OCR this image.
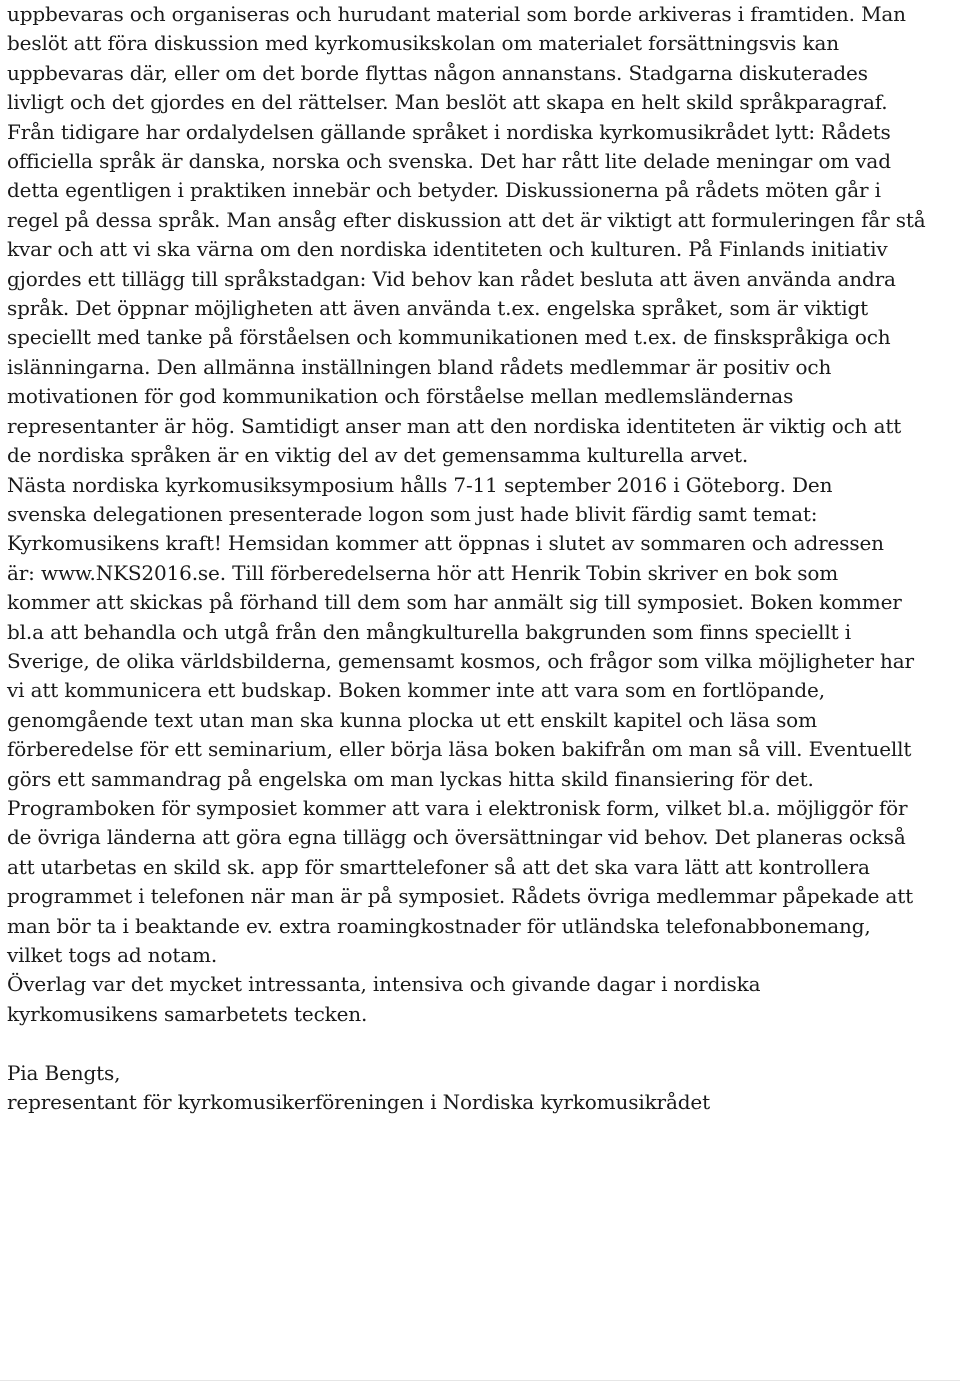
uppbevaras och organiseras och hurudant material som borde arkiveras i framtiden. Man
beslöt att föra diskussion med kyrkomusikskolan om materialet forsättningsvis kan
uppbevaras där, eller om det borde flyttas någon annanstans. Stadgarna diskuterades
livligt och det gjordes en del rättelser. Man beslöt att skapa en helt skild språkparagraf.
Från tidigare har ordalydelsen gällande språket i nordiska kyrkomusikrådet lytt: Rådets
officiella språk är danska, norska och svenska. Det har rått lite delade meningar om vad
detta egentligen i praktiken innebär och betyder. Diskussionerna på rådets möten går i
regel på dessa språk. Man ansåg efter diskussion att det är viktigt att formuleringen får stå
kvar och att vi ska värna om den nordiska identiteten och kulturen. På Finlands initiativ
gjordes ett tillägg till språkstadgan: Vid behov kan rådet besluta att även använda andra
språk. Det öppnar möjligheten att även använda t.ex. engelska språket, som är viktigt
speciellt med tanke på förståelsen och kommunikationen med t.ex. de finskspråkiga och
islänningarna. Den allmänna inställningen bland rådets medlemmar är positiv och
motivationen för god kommunikation och förståelse mellan medlemsländernas
representanter är hög. Samtidigt anser man att den nordiska identiteten är viktig och att
de nordiska språken är en viktig del av det gemensamma kulturella arvet.
Nästa nordiska kyrkomusiksymposium hålls 7-11 september 2016 i Göteborg. Den
svenska delegationen presenterade logon som just hade blivit färdig samt temat:
Kyrkomusikens kraft! Hemsidan kommer att öppnas i slutet av sommaren och adressen
är: www.NKS2016.se. Till förberedelserna hör att Henrik Tobin skriver en bok som
kommer att skickas på förhand till dem som har anmält sig till symposiet. Boken kommer
bl.a att behandla och utgå från den mångkulturella bakgrunden som finns speciellt i
Sverige, de olika världsbilderna, gemensamt kosmos, och frågor som vilka möjligheter har
vi att kommunicera ett budskap. Boken kommer inte att vara som en fortlöpande,
genomgående text utan man ska kunna plocka ut ett enskilt kapitel och läsa som
förberedelse för ett seminarium, eller börja läsa boken bakifrån om man så vill. Eventuellt
görs ett sammandrag på engelska om man lyckas hitta skild finansiering för det.
Programboken för symposiet kommer att vara i elektronisk form, vilket bl.a. möjliggör för
de övriga länderna att göra egna tillägg och översättningar vid behov. Det planeras också
att utarbetas en skild sk. app för smarttelefoner så att det ska vara lätt att kontrollera
programmet i telefonen när man är på symposiet. Rådets övriga medlemmar påpekade att
man bör ta i beaktande ev. extra roamingkostnader för utländska telefonabbonemang,
vilket togs ad notam.
Överlag var det mycket intressanta, intensiva och givande dagar i nordiska
kyrkomusikens samarbetets tecken.
Pia Bengts,
representant för kyrkomusikerföreningen i Nordiska kyrkomusikrådet
